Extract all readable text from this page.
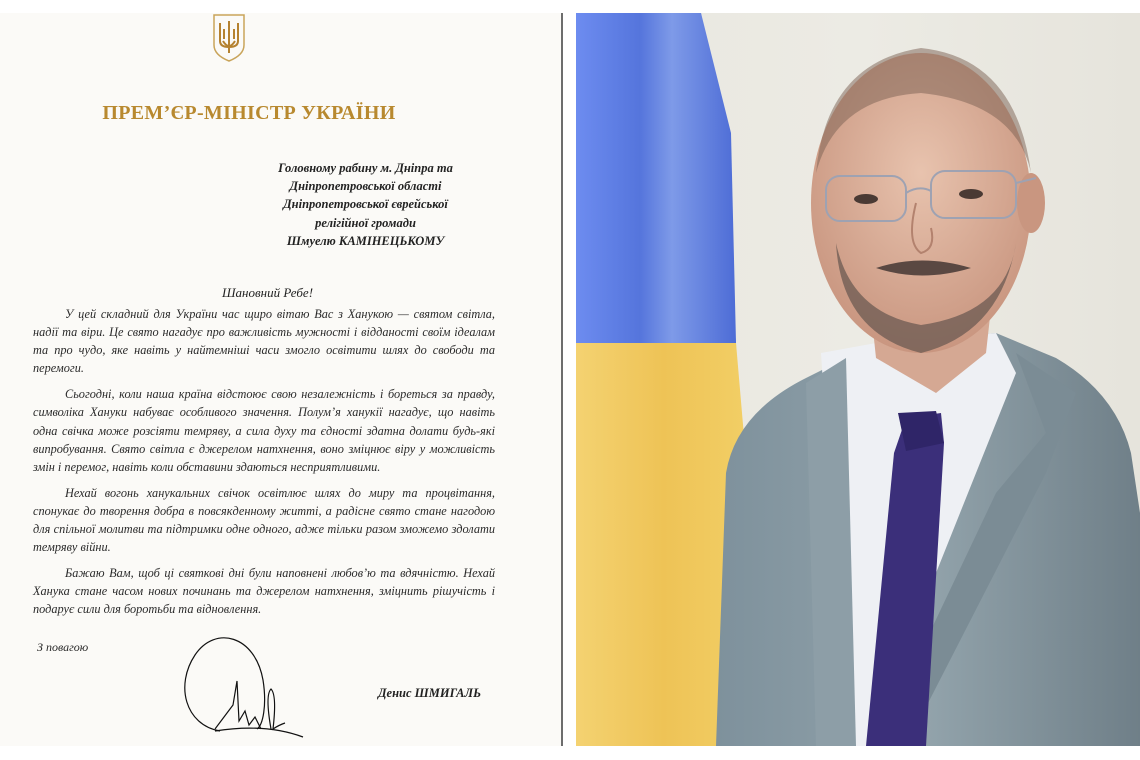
ПРЕМ’ЄР-МІНІСТР УКРАЇНИ
Головному рабину м. Дніпра та
Дніпропетровської області
Дніпропетровської єврейської
релігійної громади
Шмуелю КАМІНЕЦЬКОМУ
Шановний Ребе!

У цей складний для України час щиро вітаю Вас з Ханукою — святом світла, надії та віри. Це свято нагадує про важливість мужності і відданості своїм ідеалам та про чудо, яке навіть у найтемніші часи змогло освітити шлях до свободи та перемоги.

Сьогодні, коли наша країна відстоює свою незалежність і бореться за правду, символіка Хануки набуває особливого значення. Полум’я ханукії нагадує, що навіть одна свічка може розсіяти темряву, а сила духу та єдності здатна долати будь-які випробування. Свято світла є джерелом натхнення, воно зміцнює віру у можливість змін і перемог, навіть коли обставини здаються несприятливими.

Нехай вогонь ханукальних свічок освітлює шлях до миру та процвітання, спонукає до творення добра в повсякденному житті, а радісне свято стане нагодою для спільної молитви та підтримки одне одного, адже тільки разом зможемо здолати темряву війни.

Бажаю Вам, щоб ці святкові дні були наповнені любов’ю та вдячністю. Нехай Ханука стане часом нових починань та джерелом натхнення, зміцнить рішучість і подарує сили для боротьби та відновлення.

З повагою
Денис ШМИГАЛЬ
